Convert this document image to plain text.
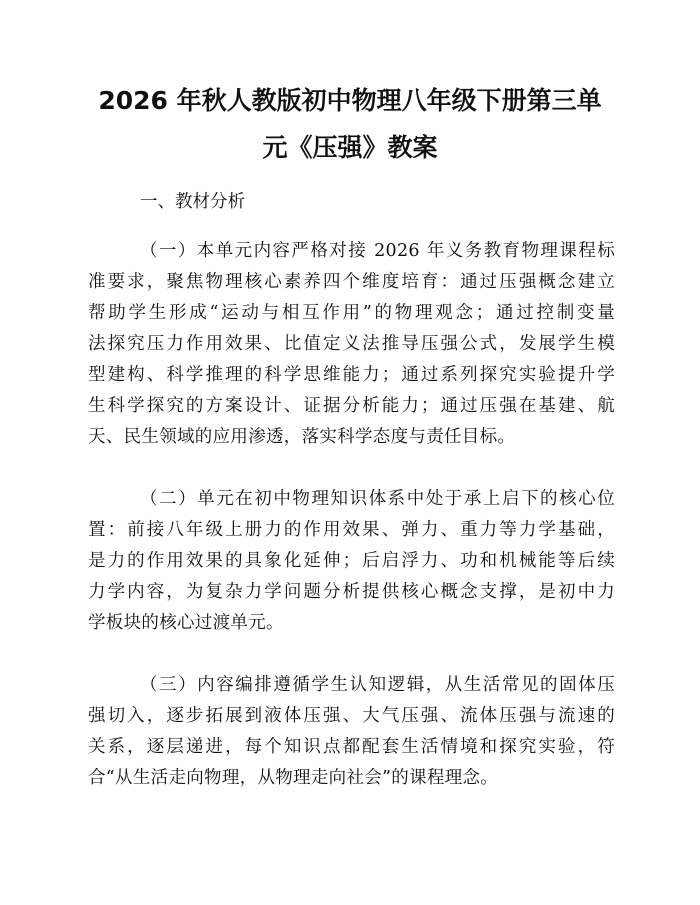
2026 年秋人教版初中物理八年级下册第三单
元《压强》教案
一、教材分析
（一）本单元内容严格对接 2026 年义务教育物理课程标
准要求，聚焦物理核心素养四个维度培育：通过压强概念建立
帮助学生形成“运动与相互作用”的物理观念；通过控制变量
法探究压力作用效果、比值定义法推导压强公式，发展学生模
型建构、科学推理的科学思维能力；通过系列探究实验提升学
生科学探究的方案设计、证据分析能力；通过压强在基建、航
天、民生领域的应用渗透，落实科学态度与责任目标。
（二）单元在初中物理知识体系中处于承上启下的核心位
置：前接八年级上册力的作用效果、弹力、重力等力学基础，
是力的作用效果的具象化延伸；后启浮力、功和机械能等后续
力学内容，为复杂力学问题分析提供核心概念支撑，是初中力
学板块的核心过渡单元。
（三）内容编排遵循学生认知逻辑，从生活常见的固体压
强切入，逐步拓展到液体压强、大气压强、流体压强与流速的
关系，逐层递进，每个知识点都配套生活情境和探究实验，符
合“从生活走向物理，从物理走向社会”的课程理念。
